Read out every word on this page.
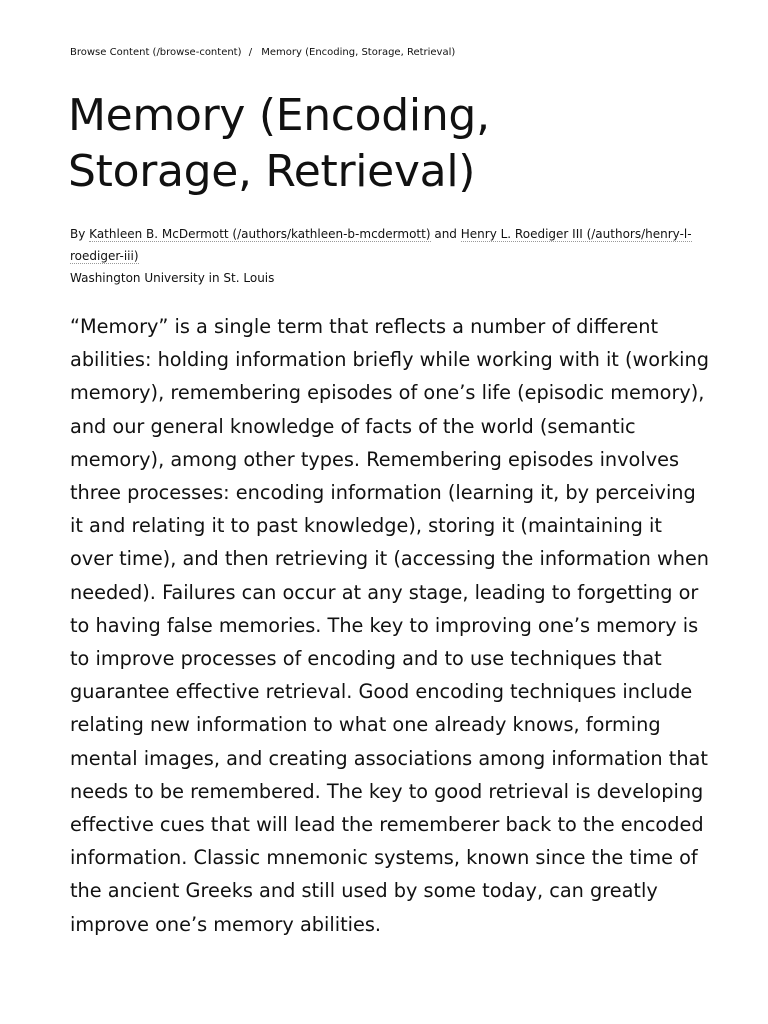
Browse Content (/browse-content) / Memory (Encoding, Storage, Retrieval)
Memory (Encoding,
Storage, Retrieval)
By Kathleen B. McDermott (/authors/kathleen-b-mcdermott) and Henry L. Roediger III (/authors/henry-l-roediger-iii)
Washington University in St. Louis

“Memory” is a single term that reflects a number of different abilities: holding information briefly while working with it (working memory), remembering episodes of one’s life (episodic memory), and our general knowledge of facts of the world (semantic memory), among other types. Remembering episodes involves three processes: encoding information (learning it, by perceiving it and relating it to past knowledge), storing it (maintaining it over time), and then retrieving it (accessing the information when needed). Failures can occur at any stage, leading to forgetting or to having false memories. The key to improving one’s memory is to improve processes of encoding and to use techniques that guarantee effective retrieval. Good encoding techniques include relating new information to what one already knows, forming mental images, and creating associations among information that needs to be remembered. The key to good retrieval is developing effective cues that will lead the rememberer back to the encoded information. Classic mnemonic systems, known since the time of the ancient Greeks and still used by some today, can greatly improve one’s memory abilities.
